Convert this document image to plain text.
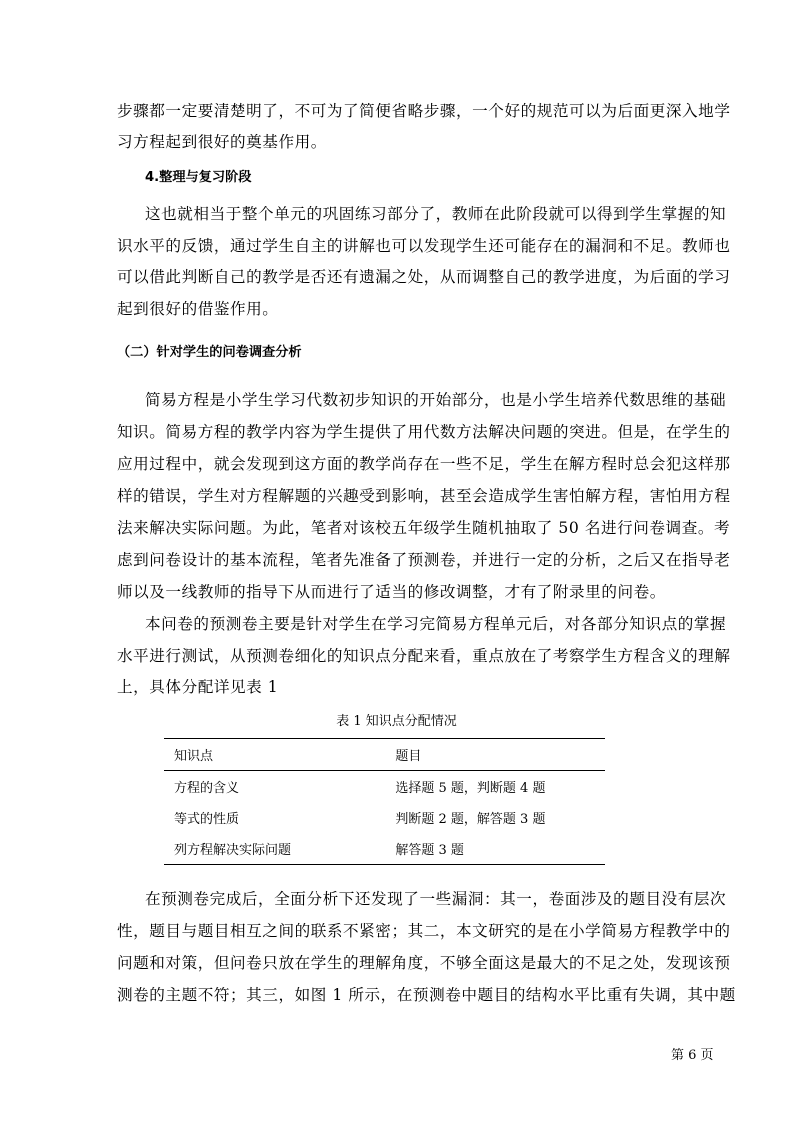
步骤都一定要清楚明了，不可为了简便省略步骤，一个好的规范可以为后面更深入地学
习方程起到很好的奠基作用。
4.整理与复习阶段
这也就相当于整个单元的巩固练习部分了，教师在此阶段就可以得到学生掌握的知
识水平的反馈，通过学生自主的讲解也可以发现学生还可能存在的漏洞和不足。教师也
可以借此判断自己的教学是否还有遗漏之处，从而调整自己的教学进度，为后面的学习
起到很好的借鉴作用。
（二）针对学生的问卷调查分析
简易方程是小学生学习代数初步知识的开始部分，也是小学生培养代数思维的基础
知识。简易方程的教学内容为学生提供了用代数方法解决问题的突进。但是，在学生的
应用过程中，就会发现到这方面的教学尚存在一些不足，学生在解方程时总会犯这样那
样的错误，学生对方程解题的兴趣受到影响，甚至会造成学生害怕解方程，害怕用方程
法来解决实际问题。为此，笔者对该校五年级学生随机抽取了 50 名进行问卷调查。考
虑到问卷设计的基本流程，笔者先准备了预测卷，并进行一定的分析，之后又在指导老
师以及一线教师的指导下从而进行了适当的修改调整，才有了附录里的问卷。
本问卷的预测卷主要是针对学生在学习完简易方程单元后，对各部分知识点的掌握
水平进行测试，从预测卷细化的知识点分配来看，重点放在了考察学生方程含义的理解
上，具体分配详见表 1
表 1 知识点分配情况
知识点	题目
方程的含义	选择题 5 题，判断题 4 题
等式的性质	判断题 2 题，解答题 3 题
列方程解决实际问题	解答题 3 题
在预测卷完成后，全面分析下还发现了一些漏洞：其一，卷面涉及的题目没有层次
性，题目与题目相互之间的联系不紧密；其二，本文研究的是在小学简易方程教学中的
问题和对策，但问卷只放在学生的理解角度，不够全面这是最大的不足之处，发现该预
测卷的主题不符；其三，如图 1 所示，在预测卷中题目的结构水平比重有失调，其中题
第 6 页
